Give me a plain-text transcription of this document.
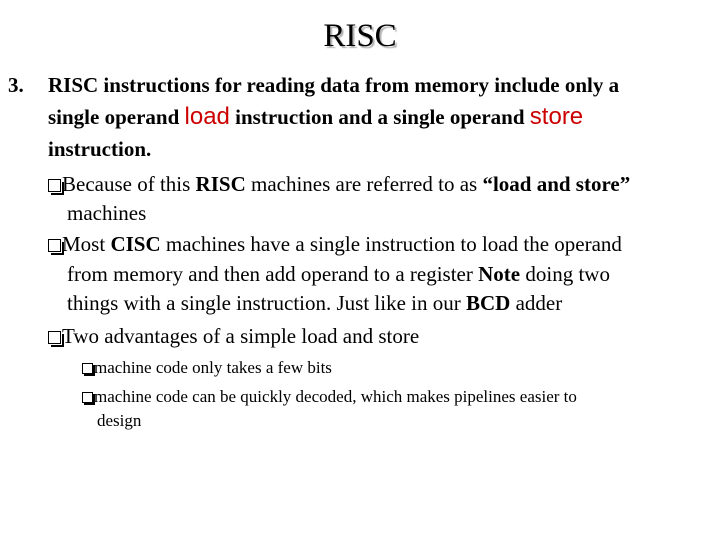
RISC
3. RISC instructions for reading data from memory include only a
single operand load instruction and a single operand store
instruction.
Because of this RISC machines are referred to as “load and store”
machines
Most CISC machines have a single instruction to load the operand
from memory and then add operand to a register Note doing two
things with a single instruction. Just like in our BCD adder
Two advantages of a simple load and store
machine code only takes a few bits
machine code can be quickly decoded, which makes pipelines easier to
design
